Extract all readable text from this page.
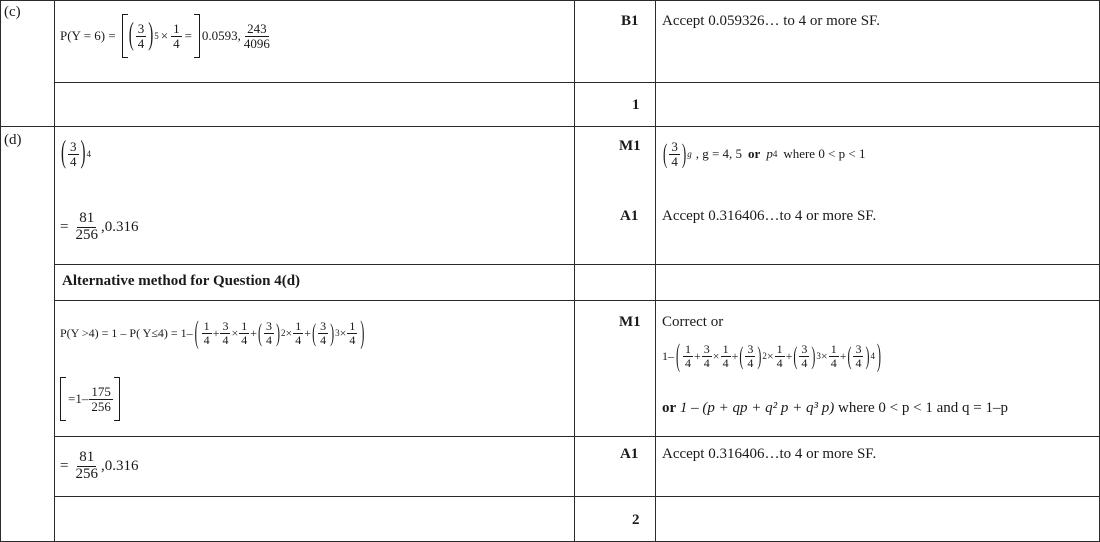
(c)
(d)
P(Y = 6) = ( $\frac{3}{4}$ ) $5 \times \frac{1}{4} = 0.0593$, $\frac{243}{4096}$
B1 Accept 0.059326… to 4 or more SF.
1
( $\frac{3}{4}$ ) 4
M1 ( $\frac{3}{4}$ ) g , g = 4, 5 or p 4 where 0 < p < 1
= $\frac{81}{256} ,0.316$
A1 Accept 0.316406…to 4 or more SF.
Alternative method for Question 4(d)
P(Y >4) = 1 – P( Y≤4) = 1– ( $\frac{1}{4} + \frac{3}{4} \times \frac{1}{4}$ + ( $\frac{3}{4}$ ) $2 \times \frac{1}{4}$ + ( $\frac{3}{4}$ ) $3 \times \frac{1}{4}$ )
$=1- \frac{175}{256}$
M1 Correct or
1– ( $\frac{1}{4} + \frac{3}{4} \times \frac{1}{4}$ + ( $\frac{3}{4}$ ) $2 \times \frac{1}{4}$ + ( $\frac{3}{4}$ ) $3 \times \frac{1}{4}$ + ( $\frac{3}{4}$ ) 4 )
or 1 – (p + qp + q² p + q³ p) where 0 < p < 1 and q = 1–p
= $\frac{81}{256} ,0.316$
A1 Accept 0.316406…to 4 or more SF.
2
